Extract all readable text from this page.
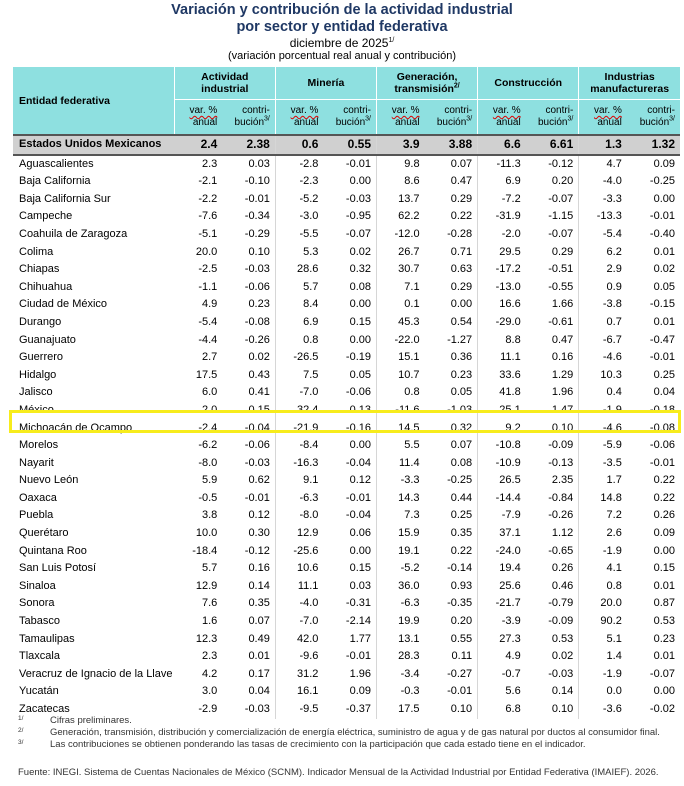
Variación y contribución de la actividad industrial
por sector y entidad federativa
diciembre de $2025^{1/}$
(variación porcentual real anual y contribución)
Entidad federativa	Actividad
industrial		Minería		Generación,
transmisión$^{2/}$		Construcción		Industrias
manufactureras	
	var. %
anual	contri-
bución$^{3/}$	var. %
anual	contri-
bución$^{3/}$	var. %
anual	contri-
bución$^{3/}$	var. %
anual	contri-
bución$^{3/}$	var. %
anual	contri-
bución$^{3/}$
Estados Unidos Mexicanos	2.4	2.38	0.6	0.55	3.9	3.88	6.6	6.61	1.3	1.32
Aguascalientes	2.3	0.03	-2.8	-0.01	9.8	0.07	-11.3	-0.12	4.7	0.09
Baja California	-2.1	-0.10	-2.3	0.00	8.6	0.47	6.9	0.20	-4.0	-0.25
Baja California Sur	-2.2	-0.01	-5.2	-0.03	13.7	0.29	-7.2	-0.07	-3.3	0.00
Campeche	-7.6	-0.34	-3.0	-0.95	62.2	0.22	-31.9	-1.15	-13.3	-0.01
Coahuila de Zaragoza	-5.1	-0.29	-5.5	-0.07	-12.0	-0.28	-2.0	-0.07	-5.4	-0.40
Colima	20.0	0.10	5.3	0.02	26.7	0.71	29.5	0.29	6.2	0.01
Chiapas	-2.5	-0.03	28.6	0.32	30.7	0.63	-17.2	-0.51	2.9	0.02
Chihuahua	-1.1	-0.06	5.7	0.08	7.1	0.29	-13.0	-0.55	0.9	0.05
Ciudad de México	4.9	0.23	8.4	0.00	0.1	0.00	16.6	1.66	-3.8	-0.15
Durango	-5.4	-0.08	6.9	0.15	45.3	0.54	-29.0	-0.61	0.7	0.01
Guanajuato	-4.4	-0.26	0.8	0.00	-22.0	-1.27	8.8	0.47	-6.7	-0.47
Guerrero	2.7	0.02	-26.5	-0.19	15.1	0.36	11.1	0.16	-4.6	-0.01
Hidalgo	17.5	0.43	7.5	0.05	10.7	0.23	33.6	1.29	10.3	0.25
Jalisco	6.0	0.41	-7.0	-0.06	0.8	0.05	41.8	1.96	0.4	0.04
México	2.0	0.15	32.4	0.13	-11.6	-1.03	25.1	1.47	-1.9	-0.18
Michoacán de Ocampo	-2.4	-0.04	-21.9	-0.16	14.5	0.32	9.2	0.10	-4.6	-0.08
Morelos	-6.2	-0.06	-8.4	0.00	5.5	0.07	-10.8	-0.09	-5.9	-0.06
Nayarit	-8.0	-0.03	-16.3	-0.04	11.4	0.08	-10.9	-0.13	-3.5	-0.01
Nuevo León	5.9	0.62	9.1	0.12	-3.3	-0.25	26.5	2.35	1.7	0.22
Oaxaca	-0.5	-0.01	-6.3	-0.01	14.3	0.44	-14.4	-0.84	14.8	0.22
Puebla	3.8	0.12	-8.0	-0.04	7.3	0.25	-7.9	-0.26	7.2	0.26
Querétaro	10.0	0.30	12.9	0.06	15.9	0.35	37.1	1.12	2.6	0.09
Quintana Roo	-18.4	-0.12	-25.6	0.00	19.1	0.22	-24.0	-0.65	-1.9	0.00
San Luis Potosí	5.7	0.16	10.6	0.15	-5.2	-0.14	19.4	0.26	4.1	0.15
Sinaloa	12.9	0.14	11.1	0.03	36.0	0.93	25.6	0.46	0.8	0.01
Sonora	7.6	0.35	-4.0	-0.31	-6.3	-0.35	-21.7	-0.79	20.0	0.87
Tabasco	1.6	0.07	-7.0	-2.14	19.9	0.20	-3.9	-0.09	90.2	0.53
Tamaulipas	12.3	0.49	42.0	1.77	13.1	0.55	27.3	0.53	5.1	0.23
Tlaxcala	2.3	0.01	-9.6	-0.01	28.3	0.11	4.9	0.02	1.4	0.01
Veracruz de Ignacio de la Llave	4.2	0.17	31.2	1.96	-3.4	-0.27	-0.7	-0.03	-1.9	-0.07
Yucatán	3.0	0.04	16.1	0.09	-0.3	-0.01	5.6	0.14	0.0	0.00
Zacatecas	-2.9	-0.03	-9.5	-0.37	17.5	0.10	6.8	0.10	-3.6	-0.02
1/	Cifras preliminares.
2/	Generación, transmisión, distribución y comercialización de energía eléctrica, suministro de agua y de gas natural por ductos al consumidor final.
3/	Las contribuciones se obtienen ponderando las tasas de crecimiento con la participación que cada estado tiene en el indicador.
Fuente: INEGI. Sistema de Cuentas Nacionales de México (SCNM). Indicador Mensual de la Actividad Industrial por Entidad Federativa (IMAIEF). 2026.
